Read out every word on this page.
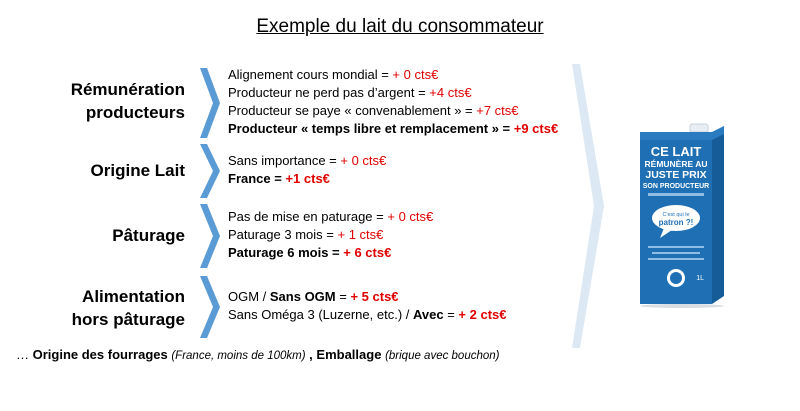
Exemple du lait du consommateur
Rémunération
producteurs
Alignement cours mondial = + 0 cts€
Producteur ne perd pas d’argent = +4 cts€
Producteur se paye « convenablement » = +7 cts€
Producteur « temps libre et remplacement » = +9 cts€
Origine Lait
Sans importance = + 0 cts€
France = +1 cts€
Pâturage
Pas de mise en paturage = + 0 cts€
Paturage 3 mois = + 1 cts€
Paturage 6 mois = + 6 cts€
Alimentation
hors pâturage
OGM / Sans OGM = + 5 cts€
Sans Oméga 3 (Luzerne, etc.) / Avec = + 2 cts€
… Origine des fourrages (France, moins de 100km) , Emballage (brique avec bouchon)
CE LAIT
RÉMUNÈRE AU
JUSTE PRIX
SON PRODUCTEUR
C'est qui le
patron ?!
1L
